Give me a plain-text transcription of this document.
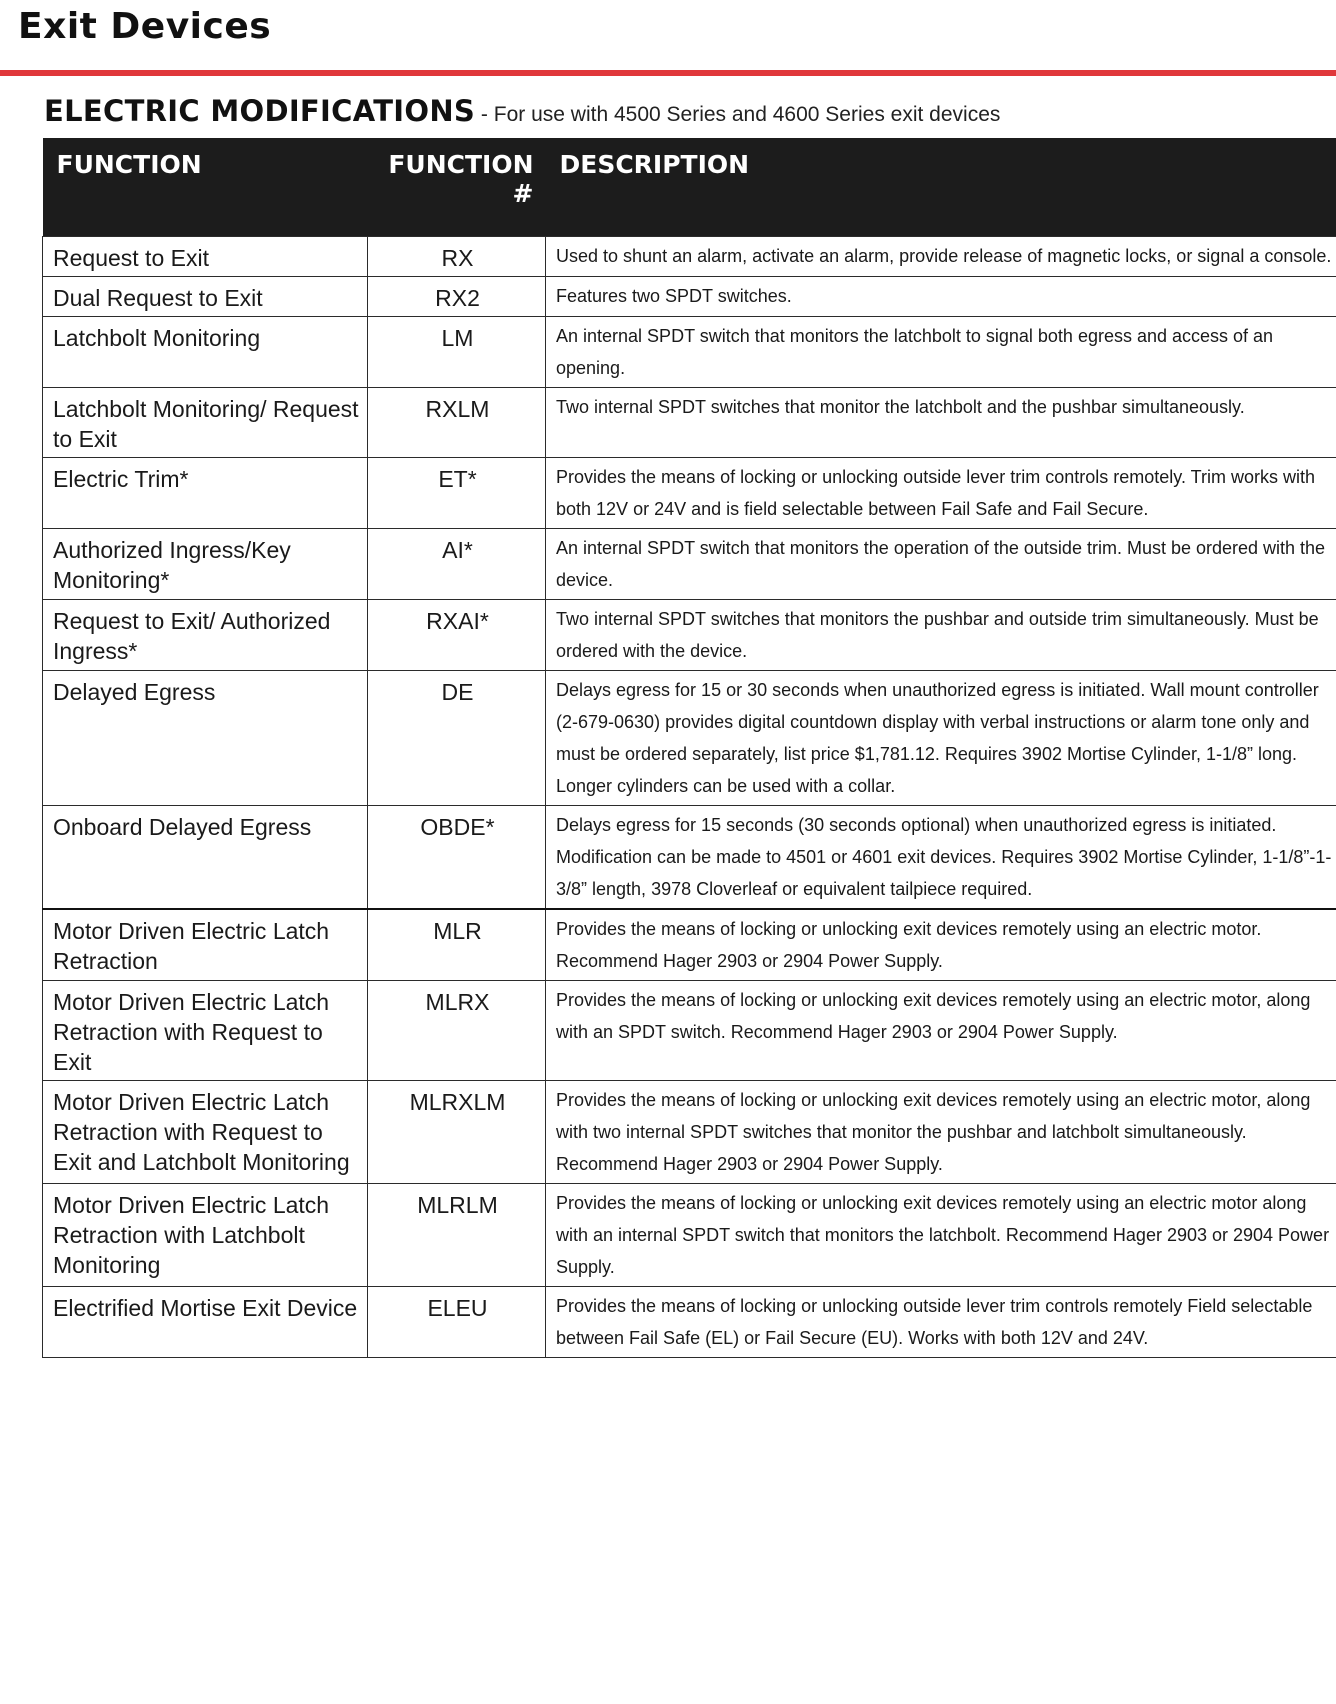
Exit Devices
ELECTRIC MODIFICATIONS - For use with 4500 Series and 4600 Series exit devices
FUNCTION	FUNCTION #	DESCRIPTION
Request to Exit	RX	Used to shunt an alarm, activate an alarm, provide release of magnetic locks, or signal a console.
Dual Request to Exit	RX2	Features two SPDT switches.
Latchbolt Monitoring	LM	An internal SPDT switch that monitors the latchbolt to signal both egress and access of an opening.
Latchbolt Monitoring/ Request to Exit	RXLM	Two internal SPDT switches that monitor the latchbolt and the pushbar simultaneously.
Electric Trim*	ET*	Provides the means of locking or unlocking outside lever trim controls remotely. Trim works with both 12V or 24V and is field selectable between Fail Safe and Fail Secure.
Authorized Ingress/Key Monitoring*	AI*	An internal SPDT switch that monitors the operation of the outside trim. Must be ordered with the device.
Request to Exit/ Authorized Ingress*	RXAI*	Two internal SPDT switches that monitors the pushbar and outside trim simultaneously. Must be ordered with the device.
Delayed Egress	DE	Delays egress for 15 or 30 seconds when unauthorized egress is initiated. Wall mount controller (2-679-0630) provides digital countdown display with verbal instructions or alarm tone only and must be ordered separately, list price $1,781.12. Requires 3902 Mortise Cylinder, 1-1/8” long. Longer cylinders can be used with a collar.
Onboard Delayed Egress	OBDE*	Delays egress for 15 seconds (30 seconds optional) when unauthorized egress is initiated. Modification can be made to 4501 or 4601 exit devices. Requires 3902 Mortise Cylinder, 1-1/8”-1-3/8” length, 3978 Cloverleaf or equivalent tailpiece required.
Motor Driven Electric Latch Retraction	MLR	Provides the means of locking or unlocking exit devices remotely using an electric motor. Recommend Hager 2903 or 2904 Power Supply.
Motor Driven Electric Latch Retraction with Request to Exit	MLRX	Provides the means of locking or unlocking exit devices remotely using an electric motor, along with an SPDT switch. Recommend Hager 2903 or 2904 Power Supply.
Motor Driven Electric Latch Retraction with Request to Exit and Latchbolt Monitoring	MLRXLM	Provides the means of locking or unlocking exit devices remotely using an electric motor, along with two internal SPDT switches that monitor the pushbar and latchbolt simultaneously. Recommend Hager 2903 or 2904 Power Supply.
Motor Driven Electric Latch Retraction with Latchbolt Monitoring	MLRLM	Provides the means of locking or unlocking exit devices remotely using an electric motor along with an internal SPDT switch that monitors the latchbolt. Recommend Hager 2903 or 2904 Power Supply.
Electrified Mortise Exit Device	ELEU	Provides the means of locking or unlocking outside lever trim controls remotely Field selectable between Fail Safe (EL) or Fail Secure (EU). Works with both 12V and 24V.
